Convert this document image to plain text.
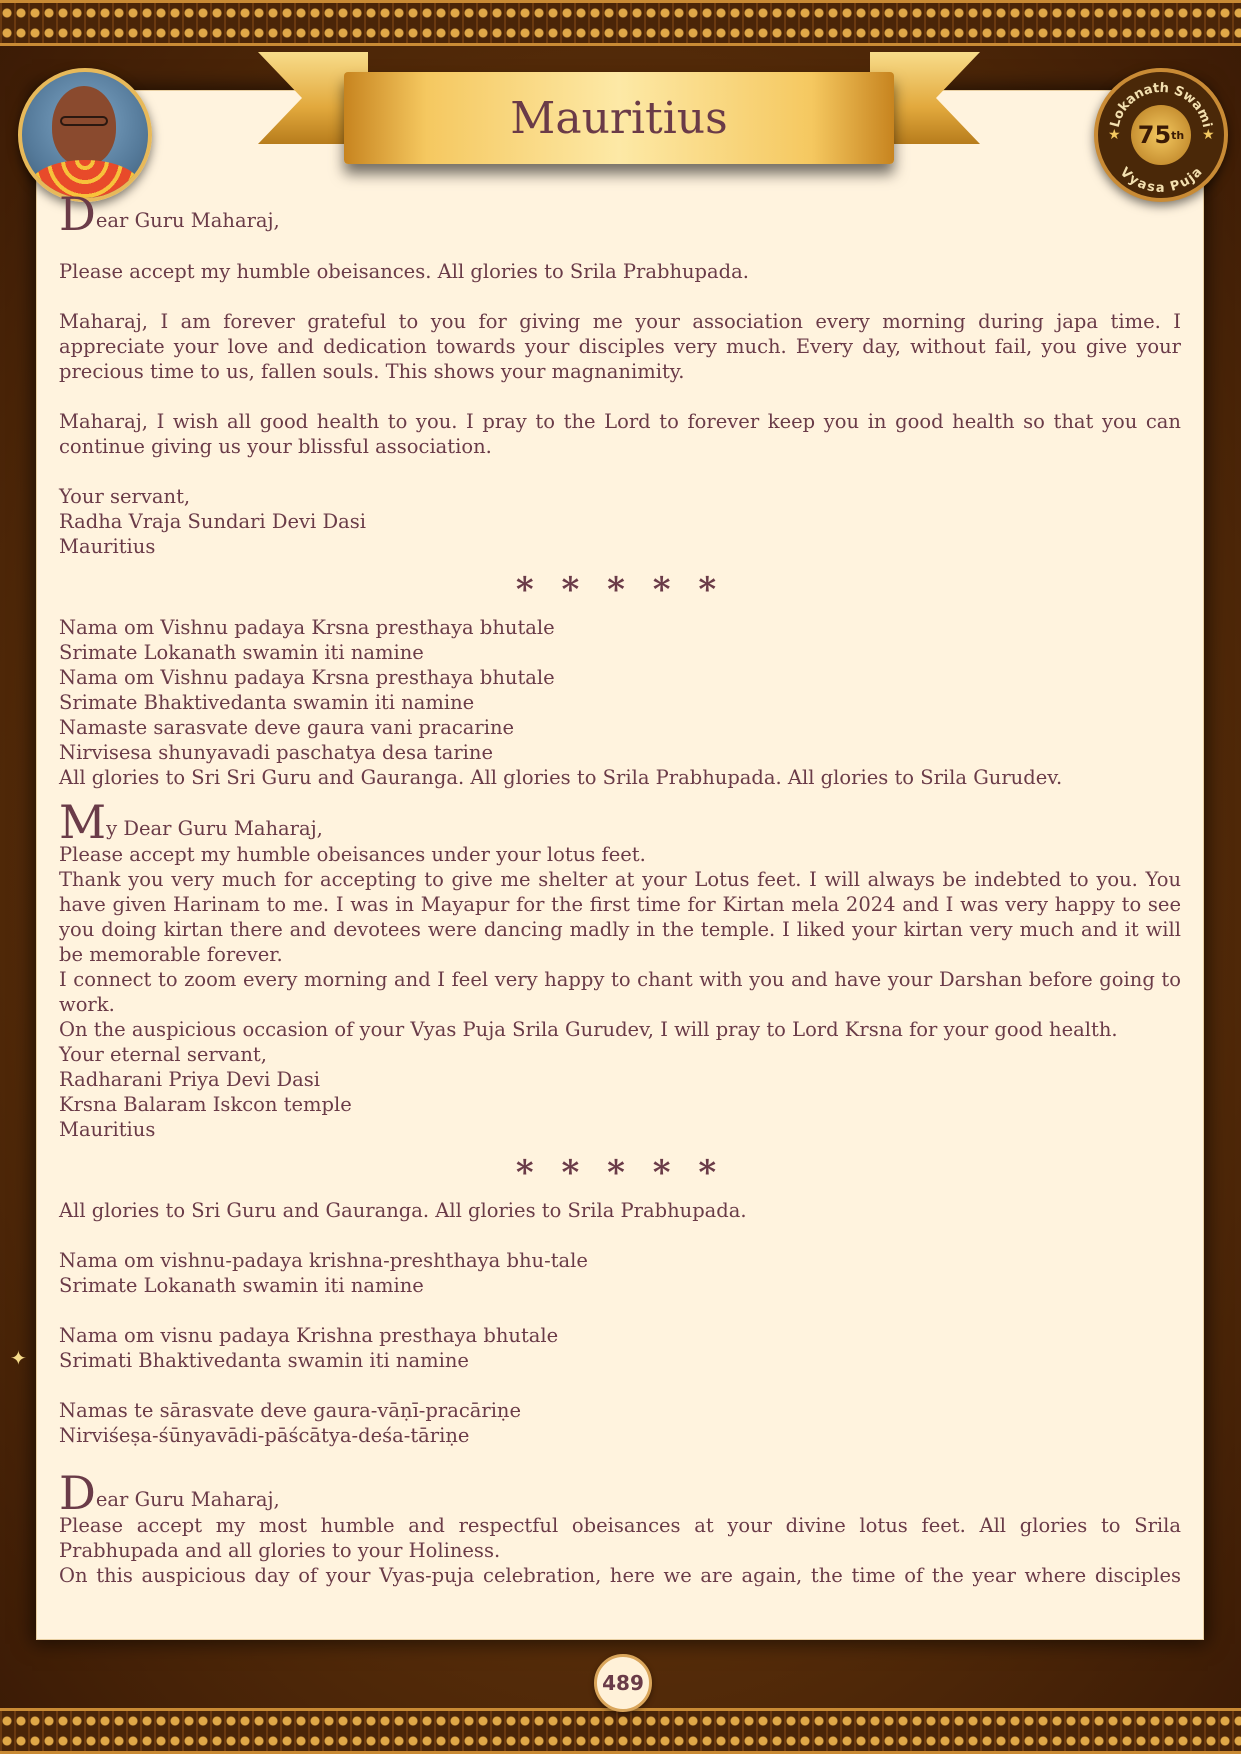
Mauritius	Lokanath Swami
Vyasa Puja
★	★
75 th

Dear Guru Maharaj,

Please accept my humble obeisances. All glories to Srila Prabhupada.

Maharaj, I am forever grateful to you for giving me your association every morning during japa time. I appreciate your love and dedication towards your disciples very much. Every day, without fail, you give your precious time to us, fallen souls. This shows your magnanimity.

Maharaj, I wish all good health to you. I pray to the Lord to forever keep you in good health so that you can continue giving us your blissful association.

Your servant,

Radha Vraja Sundari Devi Dasi

Mauritius

* * * * *

Nama om Vishnu padaya Krsna presthaya bhutale

Srimate Lokanath swamin iti namine

Nama om Vishnu padaya Krsna presthaya bhutale

Srimate Bhaktivedanta swamin iti namine

Namaste sarasvate deve gaura vani pracarine

Nirvisesa shunyavadi paschatya desa tarine

All glories to Sri Sri Guru and Gauranga. All glories to Srila Prabhupada. All glories to Srila Gurudev.

My Dear Guru Maharaj,

Please accept my humble obeisances under your lotus feet.

Thank you very much for accepting to give me shelter at your Lotus feet. I will always be indebted to you. You have given Harinam to me. I was in Mayapur for the first time for Kirtan mela 2024 and I was very happy to see you doing kirtan there and devotees were dancing madly in the temple. I liked your kirtan very much and it will be memorable forever.

I connect to zoom every morning and I feel very happy to chant with you and have your Darshan before going to work.

On the auspicious occasion of your Vyas Puja Srila Gurudev, I will pray to Lord Krsna for your good health.

Your eternal servant,

Radharani Priya Devi Dasi

Krsna Balaram Iskcon temple

Mauritius

* * * * *

All glories to Sri Guru and Gauranga. All glories to Srila Prabhupada.

Nama om vishnu-padaya krishna-preshthaya bhu-tale

Srimate Lokanath swamin iti namine

Nama om visnu padaya Krishna presthaya bhutale

Srimati Bhaktivedanta swamin iti namine

Namas te sārasvate deve gaura-vāṇī-pracāriṇe

Nirviśeṣa-śūnyavādi-pāścātya-deśa-tāriṇe

Dear Guru Maharaj,

Please accept my most humble and respectful obeisances at your divine lotus feet. All glories to Srila Prabhupada and all glories to your Holiness.

On this auspicious day of your Vyas-puja celebration, here we are again, the time of the year where disciples

✦
489
